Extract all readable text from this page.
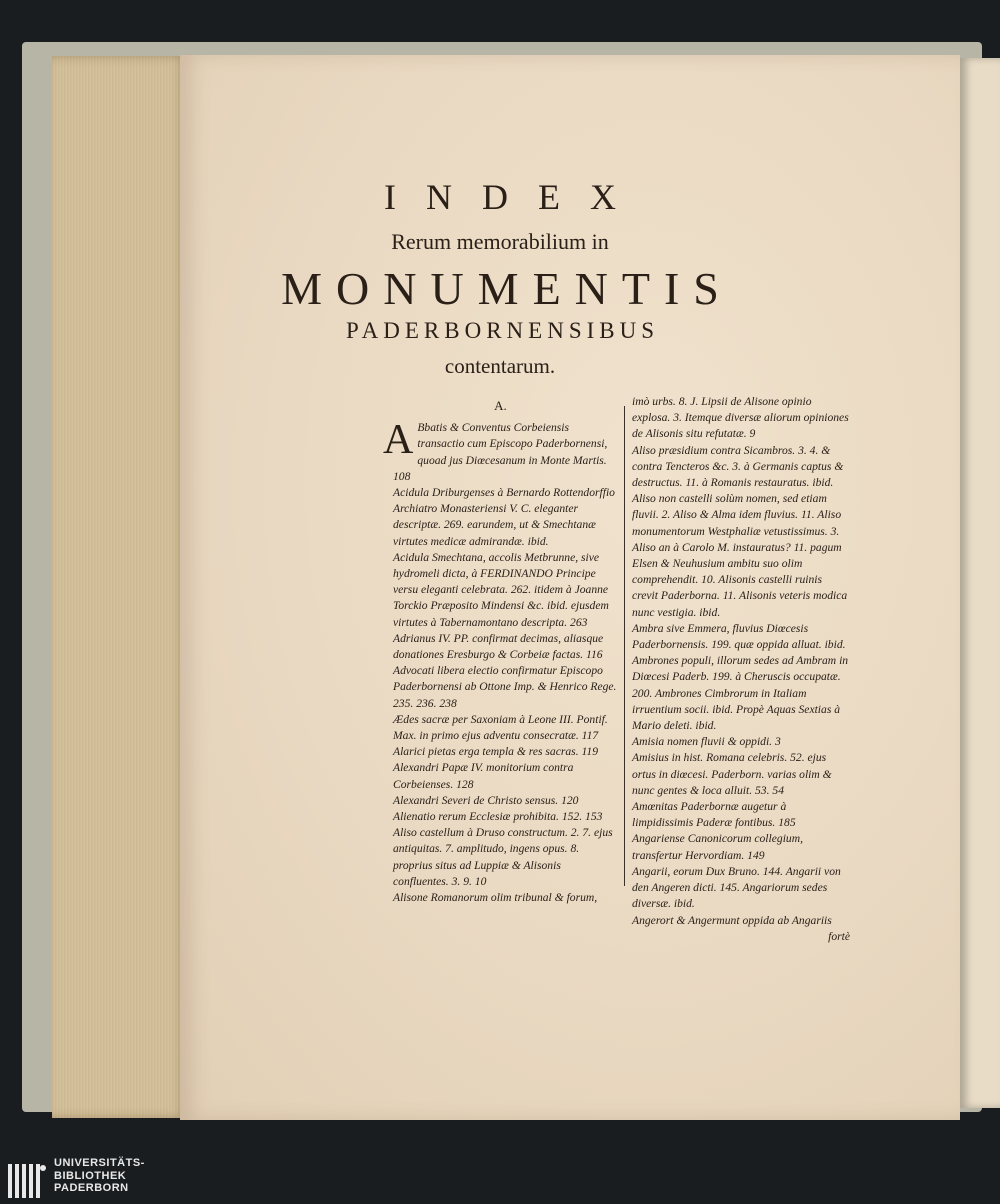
INDEX
Rerum memorabilium in
MONUMENTIS
PADERBORNENSIBUS
contentarum.
A.
A Bbatis & Conventus Corbeiensis transactio cum Episcopo Paderbornensi, quoad jus Diœcesanum in Monte Martis. 108
Acidula Driburgenses à Bernardo Rottendorffio Archiatro Monasteriensi V. C. eleganter descriptæ. 269. earundem, ut & Smechtanæ virtutes medicæ admirandæ. ibid.
Acidula Smechtana, accolis Metbrunne, sive hydromeli dicta, à FERDINANDO Principe versu eleganti celebrata. 262. itidem à Joanne Torckio Præposito Mindensi &c. ibid. ejusdem virtutes à Tabernamontano descripta. 263
Adrianus IV. PP. confirmat decimas, aliasque donationes Eresburgo & Corbeiæ factas. 116
Advocati libera electio confirmatur Episcopo Paderbornensi ab Ottone Imp. & Henrico Rege. 235. 236. 238
Ædes sacræ per Saxoniam à Leone III. Pontif. Max. in primo ejus adventu consecratæ. 117
Alarici pietas erga templa & res sacras. 119
Alexandri Papæ IV. monitorium contra Corbeienses. 128
Alexandri Severi de Christo sensus. 120
Alienatio rerum Ecclesiæ prohibita. 152. 153
Aliso castellum à Druso constructum. 2. 7. ejus antiquitas. 7. amplitudo, ingens opus. 8. proprius situs ad Luppiæ & Alisonis confluentes. 3. 9. 10
Alisone Romanorum olim tribunal & forum,
imò urbs. 8. J. Lipsii de Alisone opinio explosa. 3. Itemque diversæ aliorum opiniones de Alisonis situ refutatæ. 9
Aliso præsidium contra Sicambros. 3. 4. & contra Tencteros &c. 3. à Germanis captus & destructus. 11. à Romanis restauratus. ibid.
Aliso non castelli solùm nomen, sed etiam fluvii. 2. Aliso & Alma idem fluvius. 11. Aliso monumentorum Westphaliæ vetustissimus. 3. Aliso an à Carolo M. instauratus? 11. pagum Elsen & Neuhusium ambitu suo olim comprehendit. 10. Alisonis castelli ruinis crevit Paderborna. 11. Alisonis veteris modica nunc vestigia. ibid.
Ambra sive Emmera, fluvius Diœcesis Paderbornensis. 199. quæ oppida alluat. ibid.
Ambrones populi, illorum sedes ad Ambram in Diœcesi Paderb. 199. à Cheruscis occupatæ. 200. Ambrones Cimbrorum in Italiam irruentium socii. ibid. Propè Aquas Sextias à Mario deleti. ibid.
Amisia nomen fluvii & oppidi. 3
Amisius in hist. Romana celebris. 52. ejus ortus in diœcesi. Paderborn. varias olim & nunc gentes & loca alluit. 53. 54
Amœnitas Paderbornæ augetur à limpidissimis Paderæ fontibus. 185
Angariense Canonicorum collegium, transfertur Hervordiam. 149
Angarii, eorum Dux Bruno. 144. Angarii von den Angeren dicti. 145. Angariorum sedes diversæ. ibid.
Angerort & Angermunt oppida ab Angariis
fortè
UNIVERSITÄTS-
BIBLIOTHEK
PADERBORN
